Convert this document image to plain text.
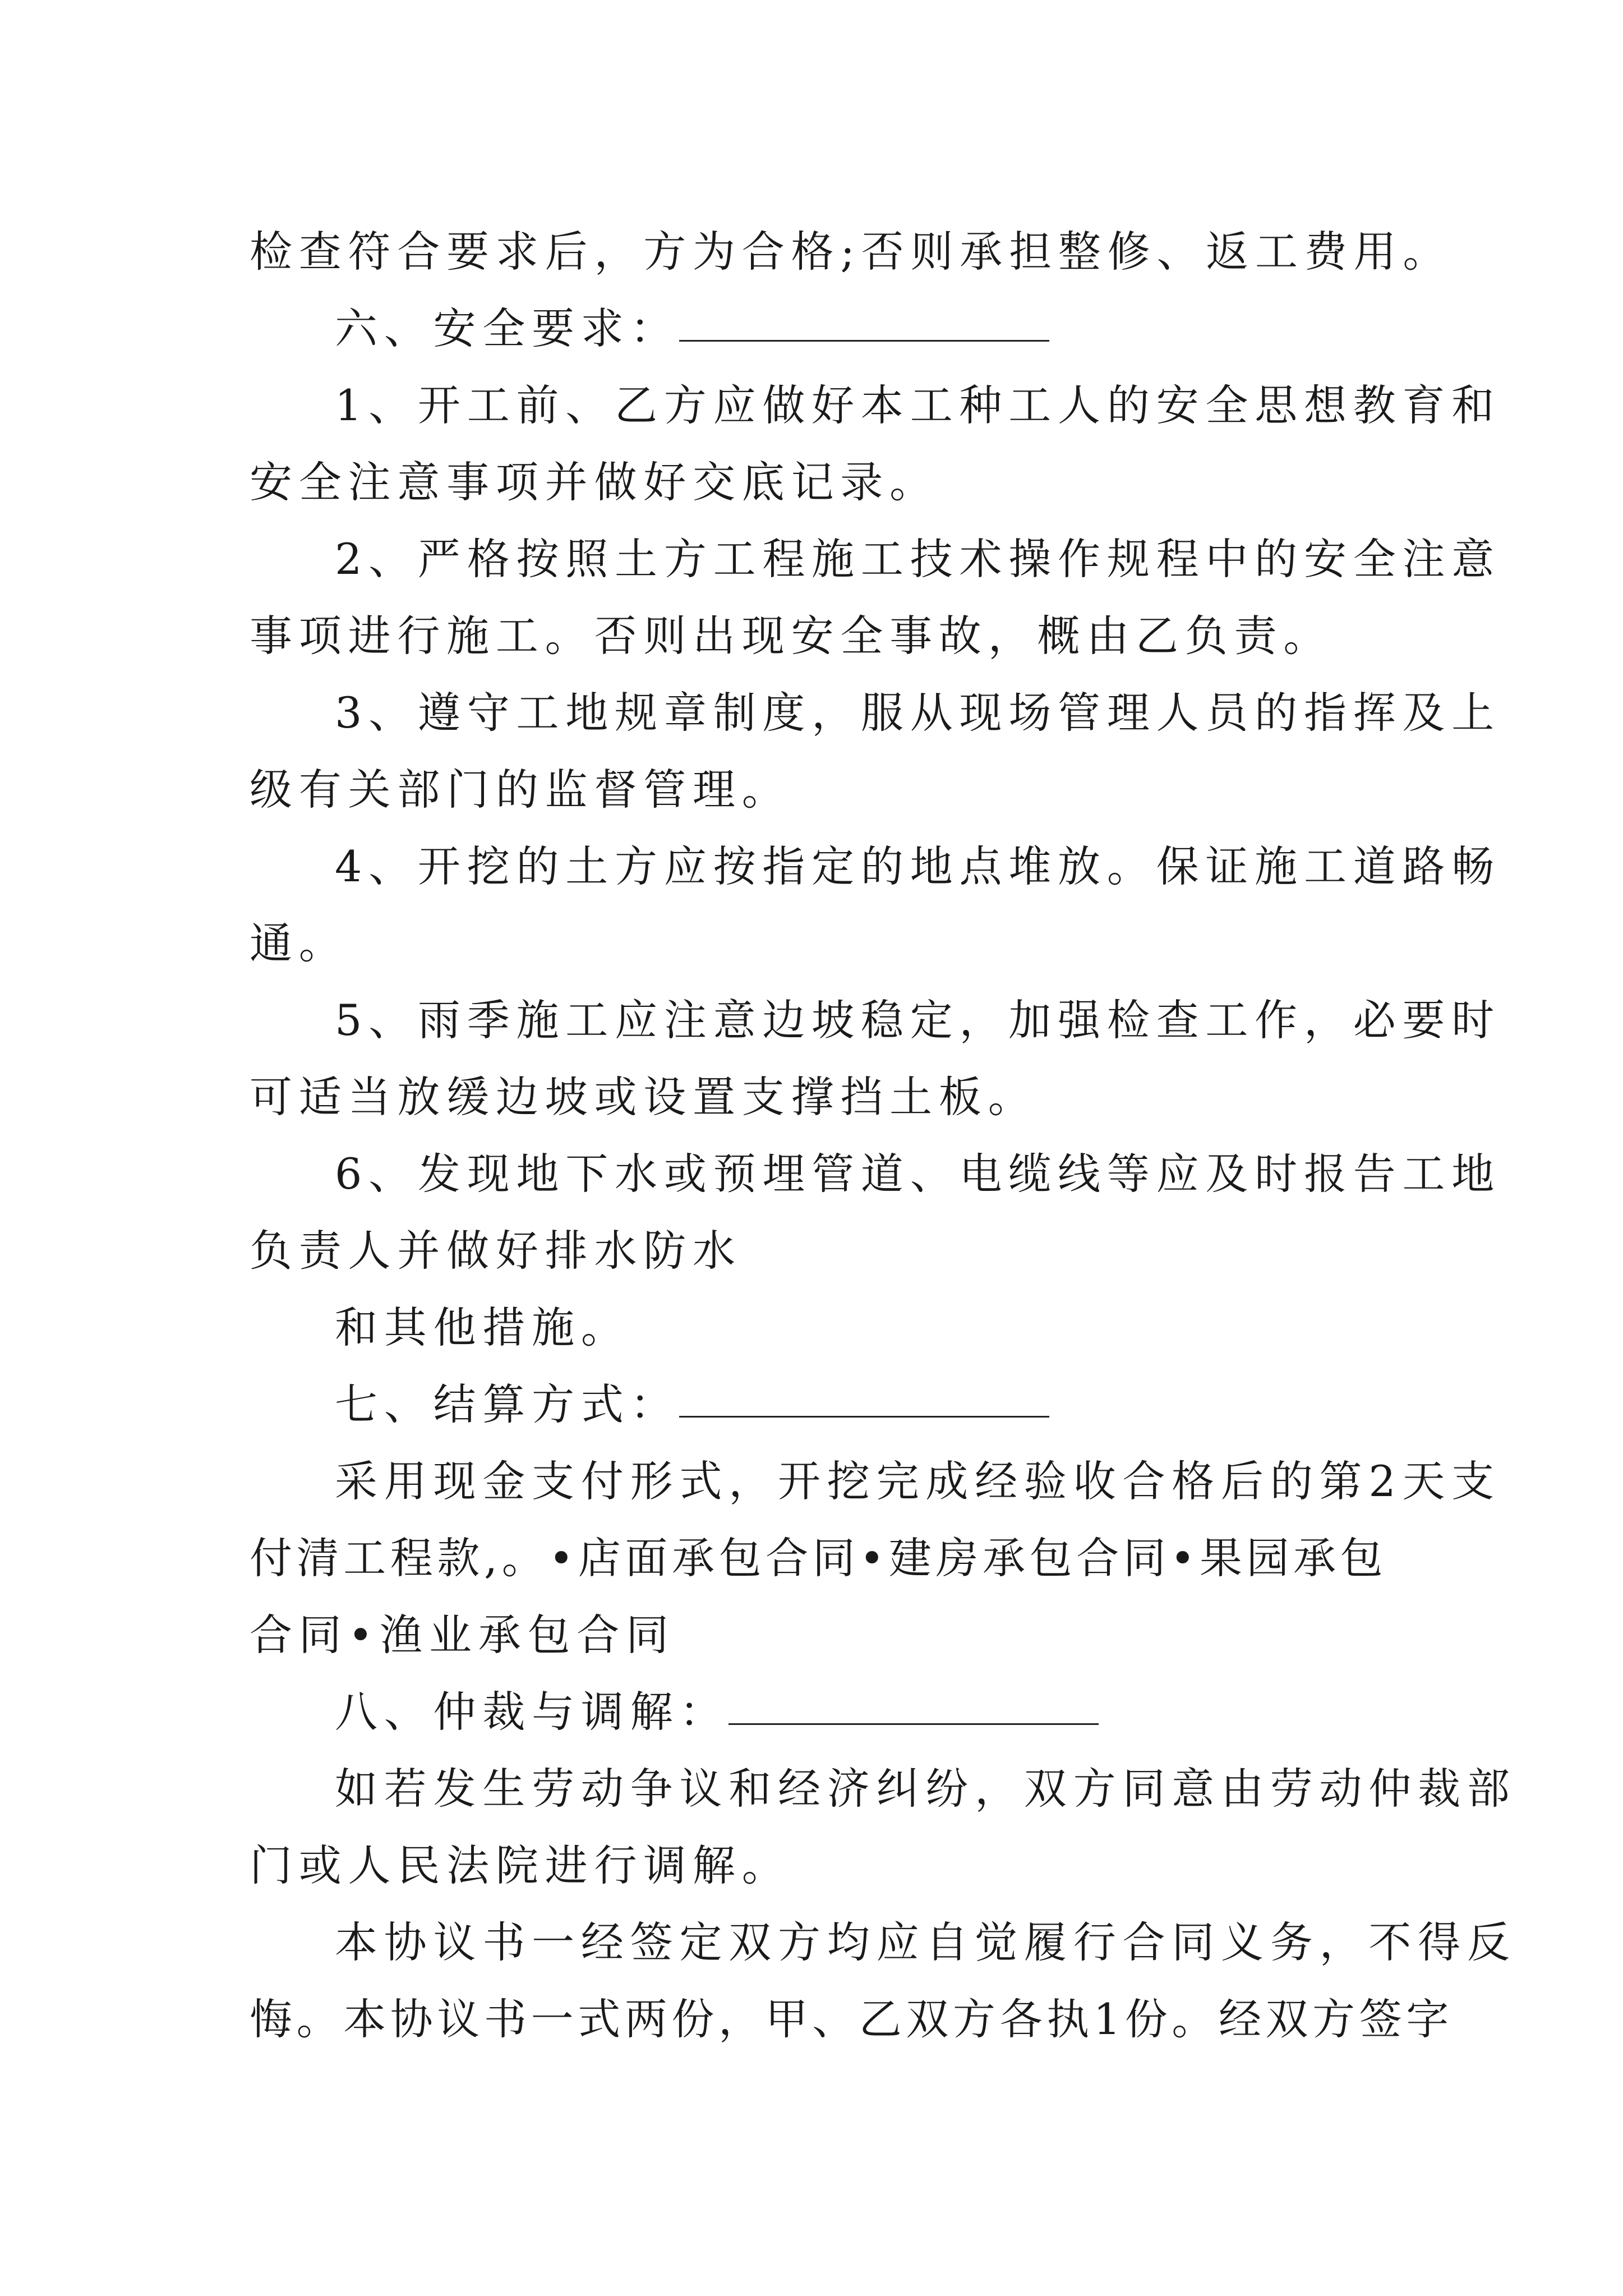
检查符合要求后，方为合格;否则承担整修、返工费用。
六、安全要求：
1、开工前、乙方应做好本工种工人的安全思想教育和
安全注意事项并做好交底记录。
2、严格按照土方工程施工技术操作规程中的安全注意
事项进行施工。否则出现安全事故，概由乙负责。
3、遵守工地规章制度，服从现场管理人员的指挥及上
级有关部门的监督管理。
4、开挖的土方应按指定的地点堆放。保证施工道路畅
通。
5、雨季施工应注意边坡稳定，加强检查工作，必要时
可适当放缓边坡或设置支撑挡土板。
6、发现地下水或预埋管道、电缆线等应及时报告工地
负责人并做好排水防水
和其他措施。
七、结算方式：
采用现金支付形式，开挖完成经验收合格后的第2天支
付清工程款,。•店面承包合同•建房承包合同•果园承包
合同•渔业承包合同
八、仲裁与调解：
如若发生劳动争议和经济纠纷，双方同意由劳动仲裁部
门或人民法院进行调解。
本协议书一经签定双方均应自觉履行合同义务，不得反
悔。本协议书一式两份，甲、乙双方各执1份。经双方签字
